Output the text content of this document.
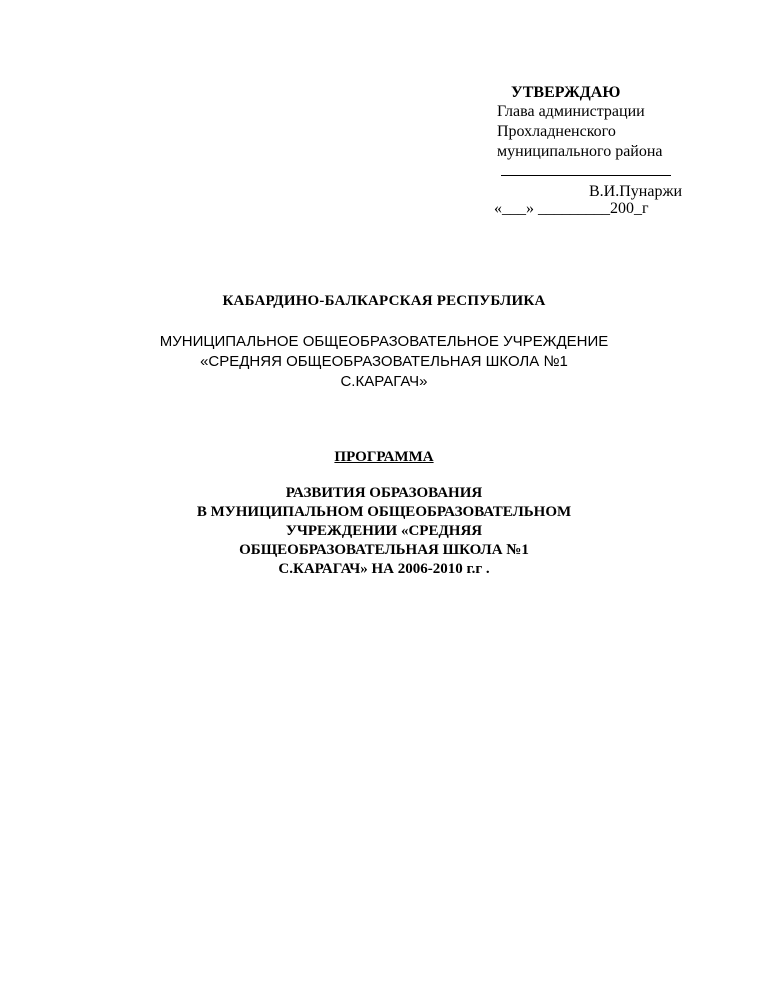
УТВЕРЖДАЮ
Глава администрации
Прохладненского
муниципального района
В.И.Пунаржи
«___» _________200_г
КАБАРДИНО-БАЛКАРСКАЯ РЕСПУБЛИКА
МУНИЦИПАЛЬНОЕ ОБЩЕОБРАЗОВАТЕЛЬНОЕ УЧРЕЖДЕНИЕ
«СРЕДНЯЯ ОБЩЕОБРАЗОВАТЕЛЬНАЯ ШКОЛА №1
С.КАРАГАЧ»
ПРОГРАММА
РАЗВИТИЯ ОБРАЗОВАНИЯ
В МУНИЦИПАЛЬНОМ ОБЩЕОБРАЗОВАТЕЛЬНОМ
УЧРЕЖДЕНИИ «СРЕДНЯЯ
ОБЩЕОБРАЗОВАТЕЛЬНАЯ ШКОЛА №1
С.КАРАГАЧ» НА 2006-2010 г.г .
